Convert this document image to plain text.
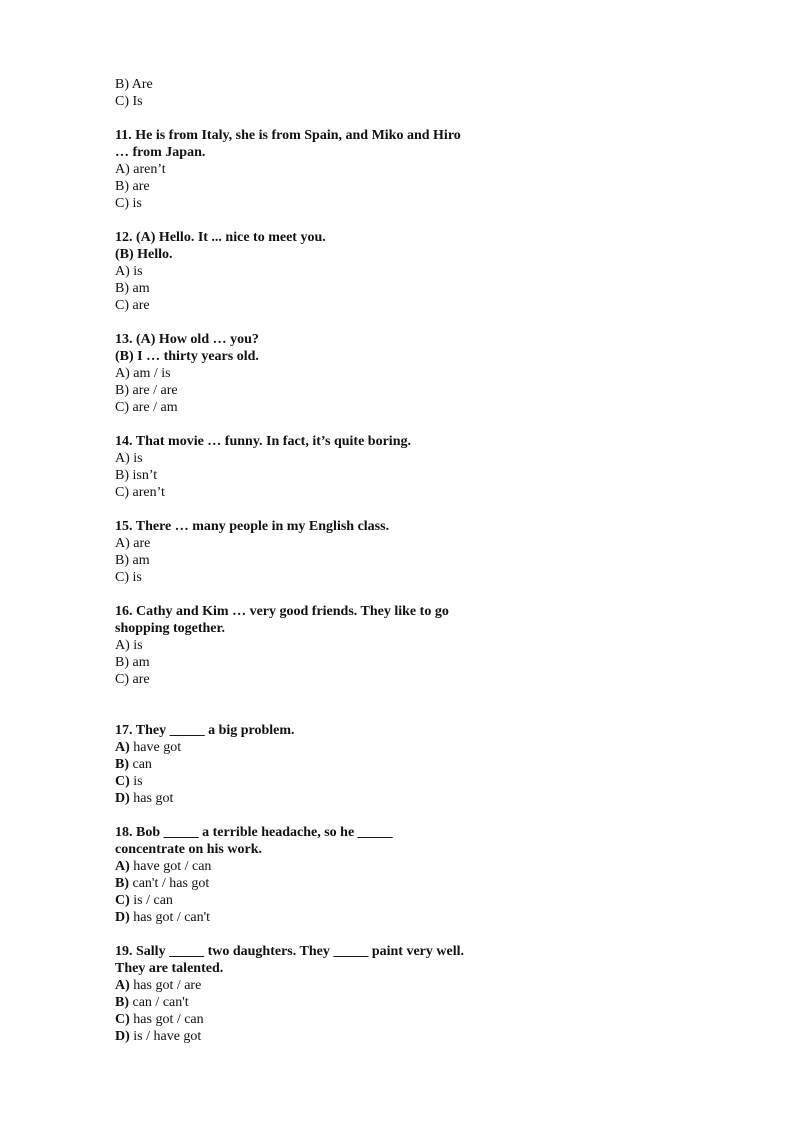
B) Are
C) Is
11. He is from Italy, she is from Spain, and Miko and Hiro
… from Japan.
A) aren’t
B) are
C) is
12. (A) Hello. It ... nice to meet you.
(B) Hello.
A) is
B) am
C) are
13. (A) How old … you?
(B) I … thirty years old.
A) am / is
B) are / are
C) are / am
14. That movie … funny. In fact, it’s quite boring.
A) is
B) isn’t
C) aren’t
15. There … many people in my English class.
A) are
B) am
C) is
16. Cathy and Kim … very good friends. They like to go
shopping together.
A) is
B) am
C) are
17. They _____ a big problem.
A) have got
B) can
C) is
D) has got
18. Bob _____ a terrible headache, so he _____
concentrate on his work.
A) have got / can
B) can't / has got
C) is / can
D) has got / can't
19. Sally _____ two daughters. They _____ paint very well.
They are talented.
A) has got / are
B) can / can't
C) has got / can
D) is / have got
